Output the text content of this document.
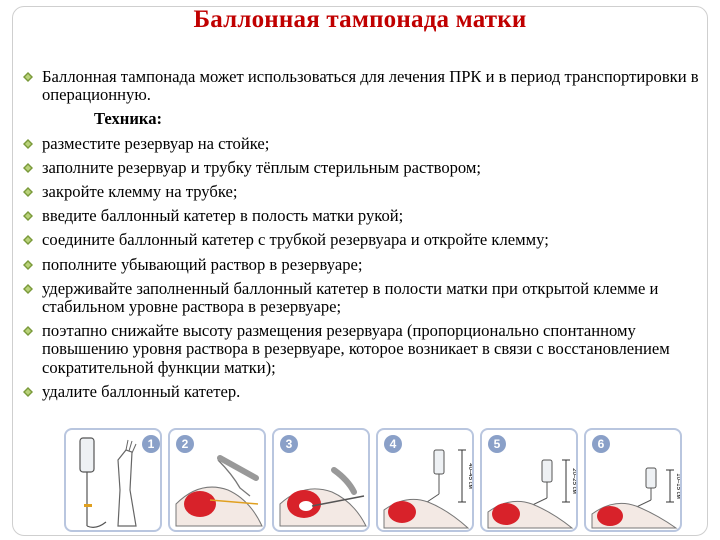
Баллонная тампонада матки
Баллонная тампонада может использоваться для лечения ПРК и в период транспортировки в операционную.
Техника:
разместите резервуар на стойке;
заполните резервуар и трубку тёплым стерильным раствором;
закройте клемму на трубке;
введите баллонный катетер в полость матки рукой;
соедините баллонный катетер с трубкой резервуара и откройте клемму;
пополните убывающий раствор в резервуаре;
удерживайте заполненный баллонный катетер в полости матки при открытой клемме и стабильном уровне раствора в резервуаре;
поэтапно снижайте высоту размещения резервуара (пропорционально спонтанному повышению уровня раствора в резервуаре, которое возникает в связи с восстановлением сократительной функции матки);
удалите баллонный катетер.
1	2	3
40–45 см
4
20–25 см
5
10–15 см
6
